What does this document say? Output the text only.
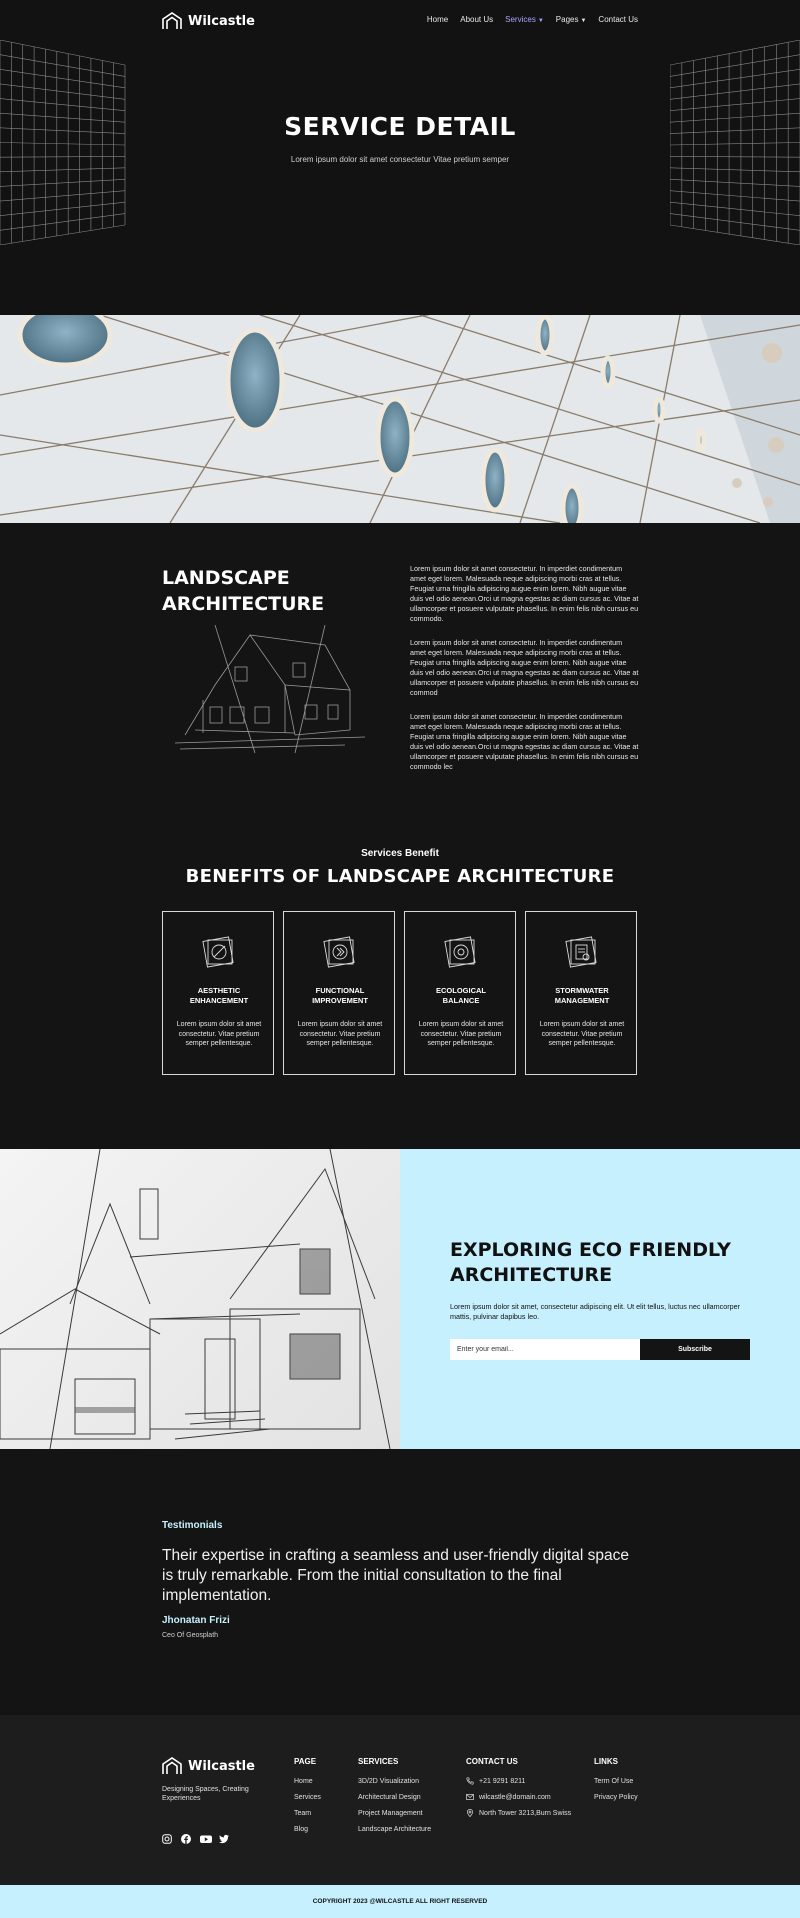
SERVICE DETAIL

Lorem ipsum dolor sit amet consectetur Vitae pretium semper

Wilcastle	Home About Us Services ▼ Pages ▼ Contact Us
LANDSCAPE ARCHITECTURE

Lorem ipsum dolor sit amet consectetur. In imperdiet condimentum amet eget lorem. Malesuada neque adipiscing morbi cras at tellus. Feugiat urna fringilla adipiscing augue enim lorem. Nibh augue vitae duis vel odio aenean.Orci ut magna egestas ac diam cursus ac. Vitae at ullamcorper et posuere vulputate phasellus. In enim felis nibh cursus eu commodo.

Lorem ipsum dolor sit amet consectetur. In imperdiet condimentum amet eget lorem. Malesuada neque adipiscing morbi cras at tellus. Feugiat urna fringilla adipiscing augue enim lorem. Nibh augue vitae duis vel odio aenean.Orci ut magna egestas ac diam cursus ac. Vitae at ullamcorper et posuere vulputate phasellus. In enim felis nibh cursus eu commod

Lorem ipsum dolor sit amet consectetur. In imperdiet condimentum amet eget lorem. Malesuada neque adipiscing morbi cras at tellus. Feugiat urna fringilla adipiscing augue enim lorem. Nibh augue vitae duis vel odio aenean.Orci ut magna egestas ac diam cursus ac. Vitae at ullamcorper et posuere vulputate phasellus. In enim felis nibh cursus eu commodo lec

Services Benefit

BENEFITS OF LANDSCAPE ARCHITECTURE
AESTHETIC
ENHANCEMENT

Lorem ipsum dolor sit amet consectetur. Vitae pretium semper pellentesque.

FUNCTIONAL
IMPROVEMENT

Lorem ipsum dolor sit amet consectetur. Vitae pretium semper pellentesque.

ECOLOGICAL
BALANCE

Lorem ipsum dolor sit amet consectetur. Vitae pretium semper pellentesque.

STORMWATER
MANAGEMENT

Lorem ipsum dolor sit amet consectetur. Vitae pretium semper pellentesque.

EXPLORING ECO FRIENDLY ARCHITECTURE

Lorem ipsum dolor sit amet, consectetur adipiscing elit. Ut elit tellus, luctus nec ullamcorper mattis, pulvinar dapibus leo.

Enter your email...
Subscribe

Testimonials

Their expertise in crafting a seamless and user-friendly digital space is truly remarkable. From the initial consultation to the final implementation.

Jhonatan Frizi

Ceo Of Geosplath

Wilcastle

Designing Spaces, Creating Experiences

PAGE
Home
Services
Team
Blog
SERVICES
3D/2D Visualization
Architectural Design
Project Management
Landscape Architecture
CONTACT US
+21 9291 8211
wilcastle@domain.com
North Tower 3213,Burn Swiss
LINKS
Term Of Use
Privacy Policy
COPYRIGHT 2023 @WILCASTLE ALL RIGHT RESERVED
